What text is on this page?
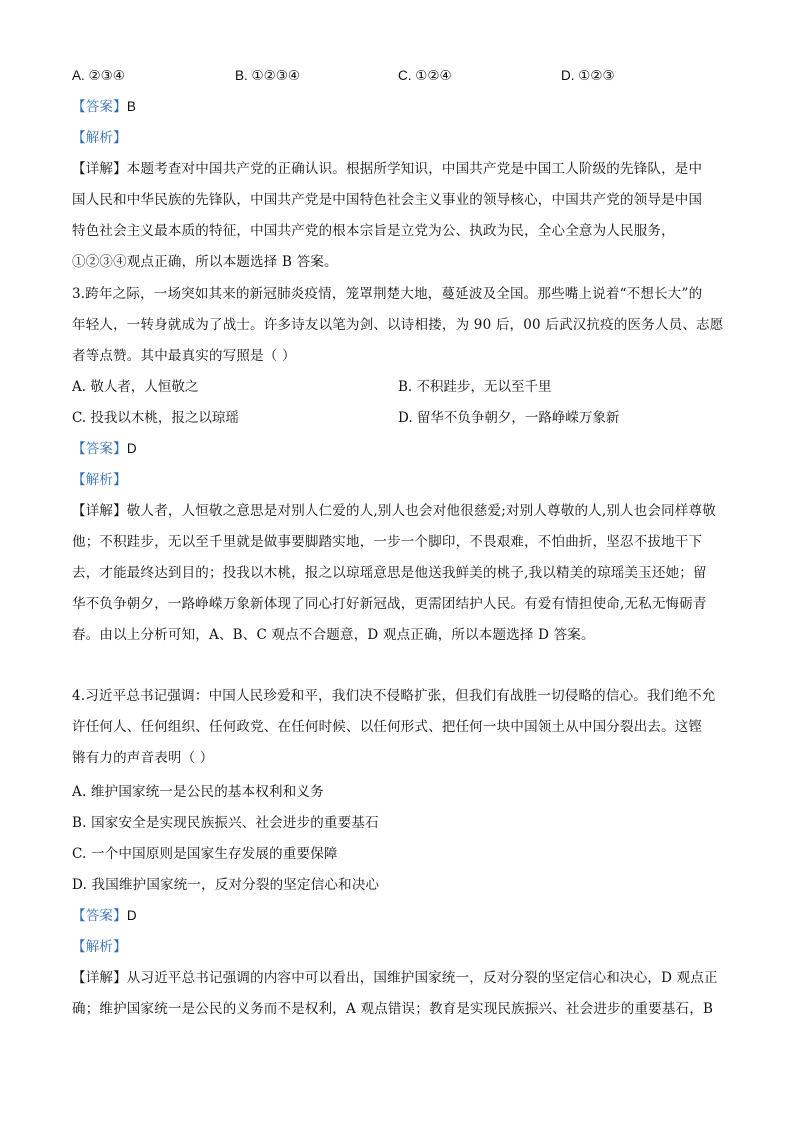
A. ②③④	B. ①②③④	C. ①②④	D. ①②③
【答案】B
【解析】
【详解】本题考查对中国共产党的正确认识。根据所学知识，中国共产党是中国工人阶级的先锋队，是中
国人民和中华民族的先锋队，中国共产党是中国特色社会主义事业的领导核心，中国共产党的领导是中国
特色社会主义最本质的特征，中国共产党的根本宗旨是立党为公、执政为民，全心全意为人民服务，
①②③④观点正确，所以本题选择 B 答案。
3.跨年之际，一场突如其来的新冠肺炎疫情，笼罩荆楚大地，蔓延波及全国。那些嘴上说着“不想长大”的
年轻人，一转身就成为了战士。许多诗友以笔为剑、以诗相搂，为 90 后，00 后武汉抗疫的医务人员、志愿
者等点赞。其中最真实的写照是（ ）
A. 敬人者，人恒敬之	B. 不积跬步，无以至千里
C. 投我以木桃，报之以琼瑶	D. 留华不负争朝夕，一路峥嵘万象新
【答案】D
【解析】
【详解】敬人者，人恒敬之意思是对别人仁爱的人,别人也会对他很慈爱;对别人尊敬的人,别人也会同样尊敬
他；不积跬步，无以至千里就是做事要脚踏实地，一步一个脚印，不畏艰难，不怕曲折，坚忍不拔地干下
去，才能最终达到目的；投我以木桃，报之以琼瑶意思是他送我鲜美的桃子,我以精美的琼瑶美玉还她；留
华不负争朝夕，一路峥嵘万象新体现了同心打好新冠战，更需团结护人民。有爱有情担使命,无私无悔砺青
春。由以上分析可知，A、B、C 观点不合题意，D 观点正确，所以本题选择 D 答案。
4.习近平总书记强调：中国人民珍爱和平，我们决不侵略扩张，但我们有战胜一切侵略的信心。我们绝不允
许任何人、任何组织、任何政党、在任何时候、以任何形式、把任何一块中国领土从中国分裂出去。这铿
锵有力的声音表明（ ）
A. 维护国家统一是公民的基本权利和义务
B. 国家安全是实现民族振兴、社会进步的重要基石
C. 一个中国原则是国家生存发展的重要保障
D. 我国维护国家统一，反对分裂的坚定信心和决心
【答案】D
【解析】
【详解】从习近平总书记强调的内容中可以看出，国维护国家统一，反对分裂的坚定信心和决心，D 观点正
确；维护国家统一是公民的义务而不是权利，A 观点错误；教育是实现民族振兴、社会进步的重要基石，B
